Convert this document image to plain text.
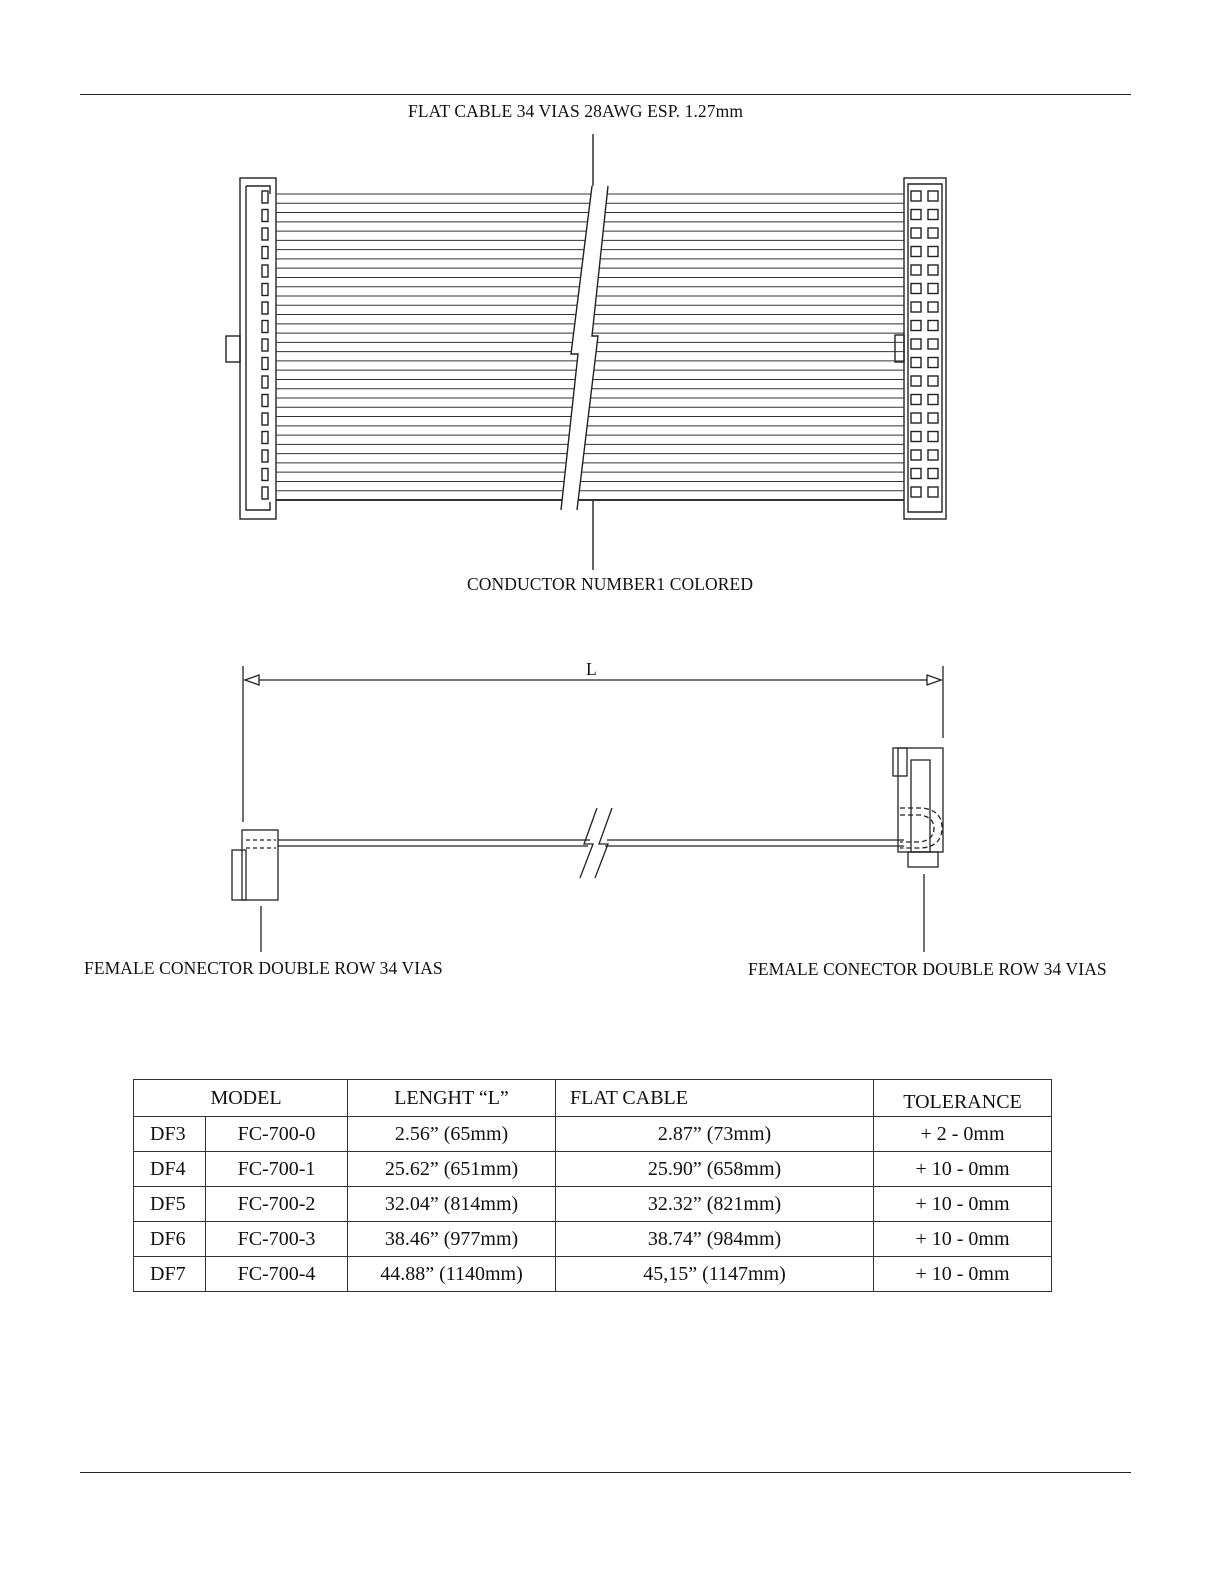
FLAT CABLE 34 VIAS 28AWG ESP. 1.27mm
CONDUCTOR NUMBER1 COLORED
L
FEMALE CONECTOR DOUBLE ROW 34 VIAS	FEMALE CONECTOR DOUBLE ROW 34 VIAS
MODEL		LENGHT “L”	FLAT CABLE	TOLERANCE
DF3	FC-700-0	2.56” (65mm)	2.87” (73mm)	+ 2 - 0mm
DF4	FC-700-1	25.62” (651mm)	25.90” (658mm)	+ 10 - 0mm
DF5	FC-700-2	32.04” (814mm)	32.32” (821mm)	+ 10 - 0mm
DF6	FC-700-3	38.46” (977mm)	38.74” (984mm)	+ 10 - 0mm
DF7	FC-700-4	44.88” (1140mm)	45,15” (1147mm)	+ 10 - 0mm
